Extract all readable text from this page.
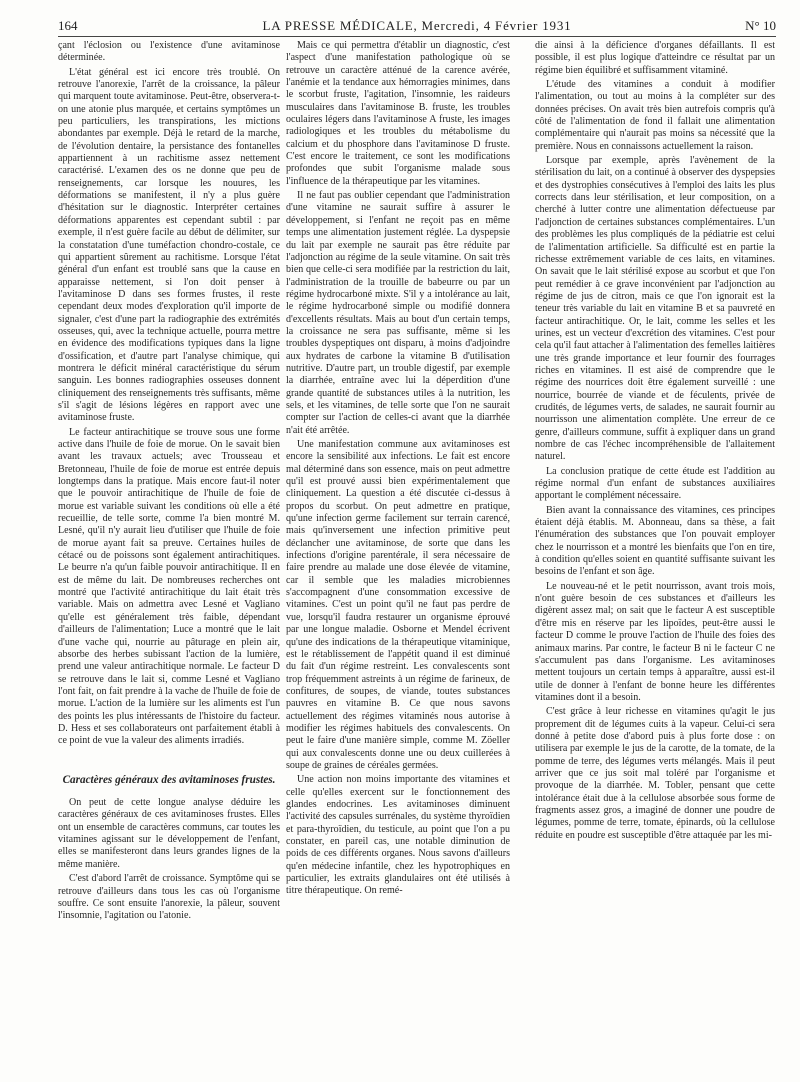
164	LA PRESSE MÉDICALE, Mercredi, 4 Février 1931	N° 10

çant l'éclosion ou l'existence d'une avitaminose déterminée.

L'état général est ici encore très troublé. On retrouve l'anorexie, l'arrêt de la croissance, la pâleur qui marquent toute avitaminose. Peut-être, observera-t-on une atonie plus marquée, et certains symptômes un peu particuliers, les transpirations, les mictions abondantes par exemple. Déjà le retard de la marche, de l'évolution dentaire, la persistance des fontanelles appartiennent à un rachitisme assez nettement caractérisé. L'examen des os ne donne que peu de renseignements, car lorsque les nouures, les déformations se manifestent, il n'y a plus guère d'hésitation sur le diagnostic. Interpréter certaines déformations apparentes est cependant subtil : par exemple, il n'est guère facile au début de délimiter, sur la constatation d'une tuméfaction chondro-costale, ce qui appartient sûrement au rachitisme. Lorsque l'état général d'un enfant est troublé sans que la cause en apparaisse nettement, si l'on doit penser à l'avitaminose D dans ses formes frustes, il reste cependant deux modes d'exploration qu'il importe de signaler, c'est d'une part la radiographie des extrémités osseuses, qui, avec la technique actuelle, pourra mettre en évidence des modifications typiques dans la ligne d'ossification, et d'autre part l'analyse chimique, qui montrera le déficit minéral caractéristique du sérum sanguin. Les bonnes radiographies osseuses donnent cliniquement des renseignements très suffisants, même s'il s'agit de lésions légères en rapport avec une avitaminose fruste.

Le facteur antirachitique se trouve sous une forme active dans l'huile de foie de morue. On le savait bien avant les travaux actuels; avec Trousseau et Bretonneau, l'huile de foie de morue est entrée depuis longtemps dans la pratique. Mais encore faut-il noter que le pouvoir antirachitique de l'huile de foie de morue est variable suivant les conditions où elle a été recueillie, de telle sorte, comme l'a bien montré M. Lesné, qu'il n'y aurait lieu d'utiliser que l'huile de foie de morue ayant fait sa preuve. Certaines huiles de cétacé ou de poissons sont également antirachitiques. Le beurre n'a qu'un faible pouvoir antirachitique. Il en est de même du lait. De nombreuses recherches ont montré que l'activité antirachitique du lait était très variable. Mais on admettra avec Lesné et Vagliano qu'elle est généralement très faible, dépendant d'ailleurs de l'alimentation; Luce a montré que le lait d'une vache qui, nourrie au pâturage en plein air, absorbe des herbes subissant l'action de la lumière, prend une valeur antirachitique normale. Le facteur D se retrouve dans le lait si, comme Lesné et Vagliano l'ont fait, on fait prendre à la vache de l'huile de foie de morue. L'action de la lumière sur les aliments est l'un des points les plus intéressants de l'histoire du facteur. D. Hess et ses collaborateurs ont parfaitement établi à ce point de vue la valeur des aliments irradiés.

Caractères généraux des avitaminoses frustes.

On peut de cette longue analyse déduire les caractères généraux de ces avitaminoses frustes. Elles ont un ensemble de caractères communs, car toutes les vitamines agissant sur le développement de l'enfant, elles se manifesteront dans leurs grandes lignes de la même manière.

C'est d'abord l'arrêt de croissance. Symptôme qui se retrouve d'ailleurs dans tous les cas où l'organisme souffre. Ce sont ensuite l'anorexie, la pâleur, souvent l'insomnie, l'agitation ou l'atonie.

Mais ce qui permettra d'établir un diagnostic, c'est l'aspect d'une manifestation pathologique où se retrouve un caractère atténué de la carence avérée, l'anémie et la tendance aux hémorragies minimes, dans le scorbut fruste, l'agitation, l'insomnie, les raideurs musculaires dans l'avitaminose B. fruste, les troubles oculaires légers dans l'avitaminose A fruste, les images radiologiques et les troubles du métabolisme du calcium et du phosphore dans l'avitaminose D fruste. C'est encore le traitement, ce sont les modifications profondes que subit l'organisme malade sous l'influence de la thérapeutique par les vitamines.

Il ne faut pas oublier cependant que l'administration d'une vitamine ne saurait suffire à assurer le développement, si l'enfant ne reçoit pas en même temps une alimentation justement réglée. La dyspepsie du lait par exemple ne saurait pas être réduite par l'adjonction au régime de la seule vitamine. On sait très bien que celle-ci sera modifiée par la restriction du lait, l'administration de la trouille de babeurre ou par un régime hydrocarboné mixte. S'il y a intolérance au lait, le régime hydrocarboné simple ou modifié donnera d'excellents résultats. Mais au bout d'un certain temps, la croissance ne sera pas suffisante, même si les troubles dyspeptiques ont disparu, à moins d'adjoindre aux hydrates de carbone la vitamine B d'utilisation nutritive. D'autre part, un trouble digestif, par exemple la diarrhée, entraîne avec lui la déperdition d'une grande quantité de substances utiles à la nutrition, les sels, et les vitamines, de telle sorte que l'on ne saurait compter sur l'action de celles-ci avant que la diarrhée n'ait été arrêtée.

Une manifestation commune aux avitaminoses est encore la sensibilité aux infections. Le fait est encore mal déterminé dans son essence, mais on peut admettre qu'il est prouvé aussi bien expérimentalement que cliniquement. La question a été discutée ci-dessus à propos du scorbut. On peut admettre en pratique, qu'une infection germe facilement sur terrain carencé, mais qu'inversement une infection primitive peut déclancher une avitaminose, de sorte que dans les infections d'origine parentérale, il sera nécessaire de faire prendre au malade une dose élevée de vitamine, car il semble que les maladies microbiennes s'accompagnent d'une consommation excessive de vitamines. C'est un point qu'il ne faut pas perdre de vue, lorsqu'il faudra restaurer un organisme éprouvé par une longue maladie. Osborne et Mendel écrivent qu'une des indications de la thérapeutique vitaminique, est le rétablissement de l'appétit quand il est diminué du fait d'un régime restreint. Les convalescents sont trop fréquemment astreints à un régime de farineux, de confitures, de soupes, de viande, toutes substances pauvres en vitamine B. Ce que nous savons actuellement des régimes vitaminés nous autorise à modifier les régimes habituels des convalescents. On peut le faire d'une manière simple, comme M. Zöeller qui aux convalescents donne une ou deux cuillerées à soupe de graines de céréales germées.

Une action non moins importante des vitamines et celle qu'elles exercent sur le fonctionnement des glandes endocrines. Les avitaminoses diminuent l'activité des capsules surrénales, du système thyroïdien et para-thyroïdien, du testicule, au point que l'on a pu constater, en pareil cas, une notable diminution de poids de ces différents organes. Nous savons d'ailleurs qu'en médecine infantile, chez les hypotrophiques en particulier, les extraits glandulaires ont été utilisés à titre thérapeutique. On remé-

die ainsi à la déficience d'organes défaillants. Il est possible, il est plus logique d'atteindre ce résultat par un régime bien équilibré et suffisamment vitaminé.

L'étude des vitamines a conduit à modifier l'alimentation, ou tout au moins à la compléter sur des données précises. On avait très bien autrefois compris qu'à côté de l'alimentation de fond il fallait une alimentation complémentaire qui n'aurait pas moins sa nécessité que la première. Nous en connaissons actuellement la raison.

Lorsque par exemple, après l'avènement de la stérilisation du lait, on a continué à observer des dyspepsies et des dystrophies consécutives à l'emploi des laits les plus corrects dans leur stérilisation, et leur composition, on a cherché à lutter contre une alimentation défectueuse par l'adjonction de certaines substances complémentaires. L'un des problèmes les plus compliqués de la pédiatrie est celui de l'alimentation artificielle. Sa difficulté est en partie la richesse extrêmement variable de ces laits, en vitamines. On savait que le lait stérilisé expose au scorbut et que l'on peut remédier à ce grave inconvénient par l'adjonction au régime de jus de citron, mais ce que l'on ignorait est la teneur très variable du lait en vitamine B et sa pauvreté en facteur antirachitique. Or, le lait, comme les selles et les urines, est un vecteur d'excrétion des vitamines. C'est pour cela qu'il faut attacher à l'alimentation des femelles laitières une très grande importance et leur fournir des fourrages riches en vitamines. Il est aisé de comprendre que le régime des nourrices doit être également surveillé : une nourrice, bourrée de viande et de féculents, privée de crudités, de légumes verts, de salades, ne saurait fournir au nourrisson une alimentation complète. Une erreur de ce genre, d'ailleurs commune, suffit à expliquer dans un grand nombre de cas l'échec incompréhensible de l'allaitement naturel.

La conclusion pratique de cette étude est l'addition au régime normal d'un enfant de substances auxiliaires apportant le complément nécessaire.

Bien avant la connaissance des vitamines, ces principes étaient déjà établis. M. Abonneau, dans sa thèse, a fait l'énumération des substances que l'on pouvait employer chez le nourrisson et a montré les bienfaits que l'on en tire, à condition qu'elles soient en quantité suffisante suivant les besoins de l'enfant et son âge.

Le nouveau-né et le petit nourrisson, avant trois mois, n'ont guère besoin de ces substances et d'ailleurs les digèrent assez mal; on sait que le facteur A est susceptible d'être mis en réserve par les lipoïdes, peut-être aussi le facteur D comme le prouve l'action de l'huile des foies des animaux marins. Par contre, le facteur B ni le facteur C ne s'accumulent pas dans l'organisme. Les avitaminoses mettent toujours un certain temps à apparaître, aussi est-il utile de donner à l'enfant de bonne heure les différentes vitamines dont il a besoin.

C'est grâce à leur richesse en vitamines qu'agit le jus proprement dit de légumes cuits à la vapeur. Celui-ci sera donné à petite dose d'abord puis à plus forte dose : on utilisera par exemple le jus de la carotte, de la tomate, de la pomme de terre, des légumes verts mélangés. Mais il peut arriver que ce jus soit mal toléré par l'organisme et provoque de la diarrhée. M. Tobler, pensant que cette intolérance était due à la cellulose absorbée sous forme de fragments assez gros, a imaginé de donner une poudre de légumes, pomme de terre, tomate, épinards, où la cellulose réduite en poudre est susceptible d'être attaquée par les mi-
